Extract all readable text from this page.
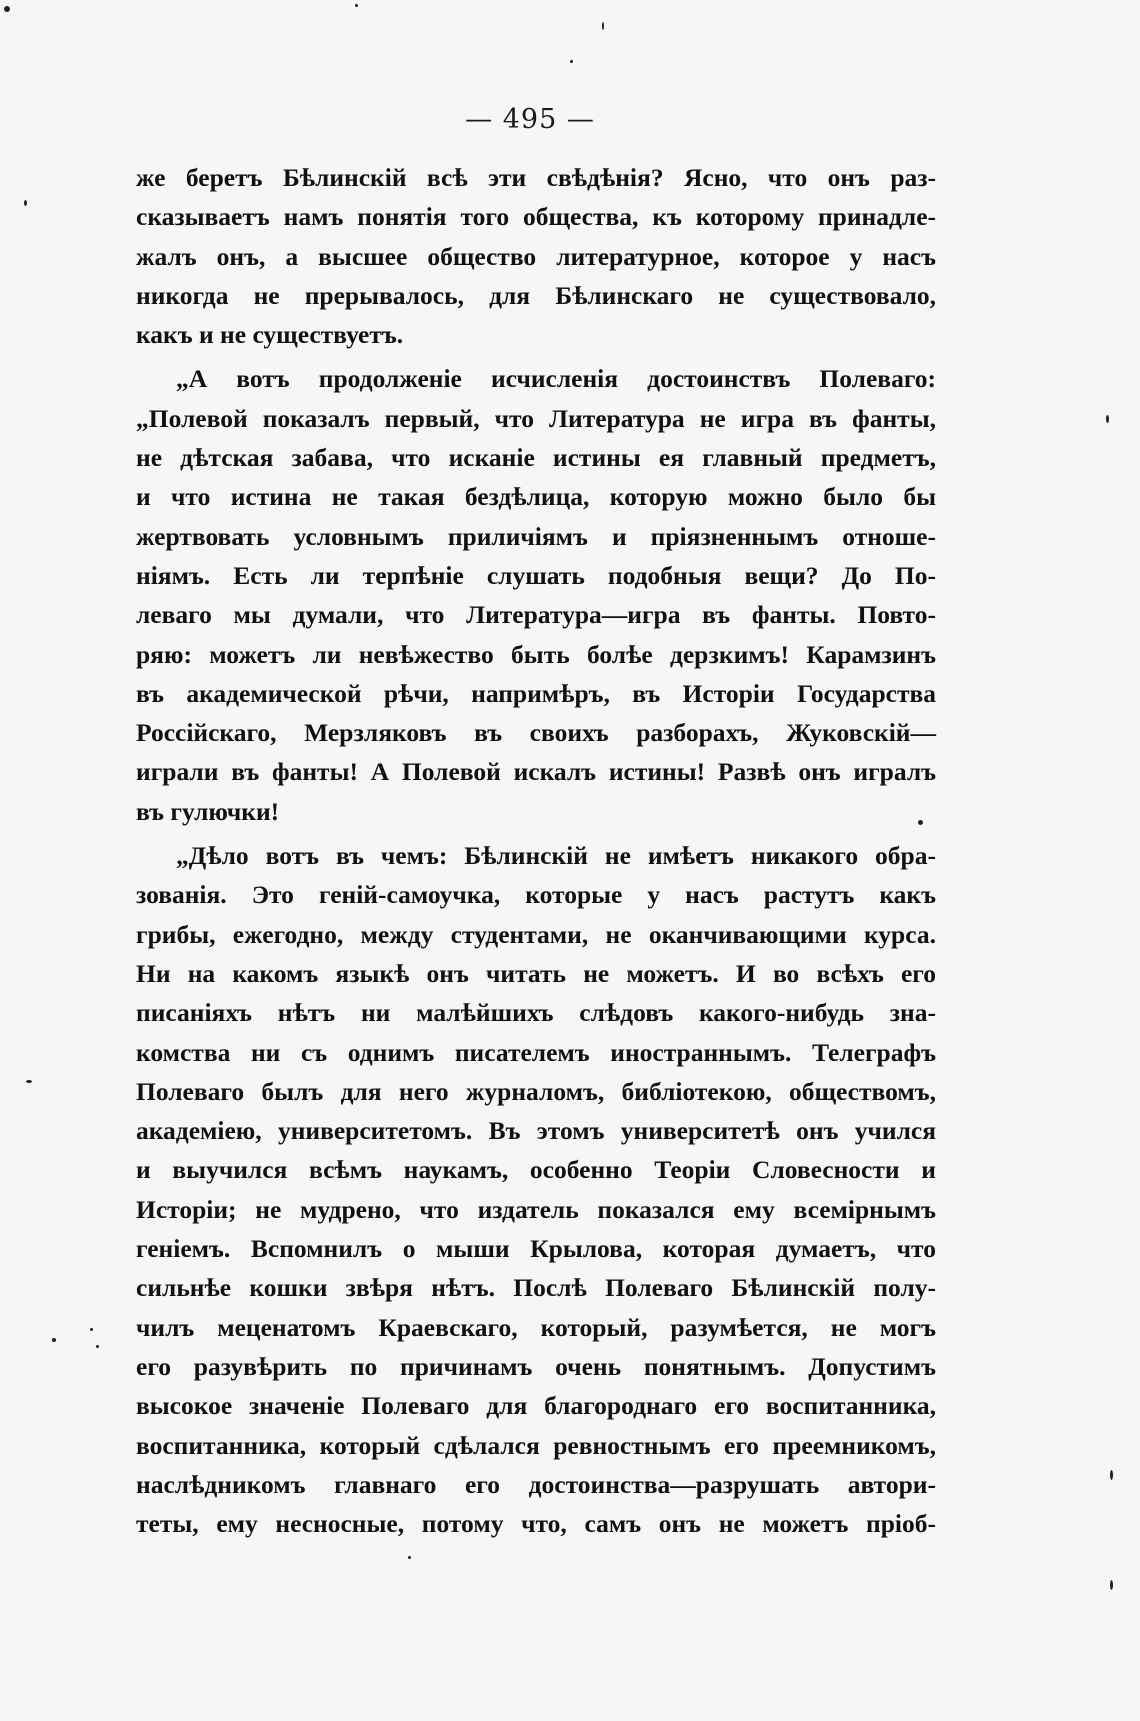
— 495 —
же беретъ Бѣлинскій всѣ эти свѣдѣнія? Ясно, что онъ раз-
сказываетъ намъ понятія того общества, къ которому принадле-
жалъ онъ, а высшее общество литературное, которое у насъ
никогда не прерывалось, для Бѣлинскаго не существовало,
какъ и не существуетъ.
„А вотъ продолженіе исчисленія достоинствъ Полеваго:
„Полевой показалъ первый, что Литература не игра въ фанты,
не дѣтская забава, что исканіе истины ея главный предметъ,
и что истина не такая бездѣлица, которую можно было бы
жертвовать условнымъ приличіямъ и пріязненнымъ отноше-
ніямъ. Есть ли терпѣніе слушать подобныя вещи? До По-
леваго мы думали, что Литература—игра въ фанты. Повто-
ряю: можетъ ли невѣжество быть болѣе дерзкимъ! Карамзинъ
въ академической рѣчи, напримѣръ, въ Исторіи Государства
Россійскаго, Мерзляковъ въ своихъ разборахъ, Жуковскій—
играли въ фанты! А Полевой искалъ истины! Развѣ онъ игралъ
въ гулючки!
„Дѣло вотъ въ чемъ: Бѣлинскій не имѣетъ никакого обра-
зованія. Это геній-самоучка, которые у насъ растутъ какъ
грибы, ежегодно, между студентами, не оканчивающими курса.
Ни на какомъ языкѣ онъ читать не можетъ. И во всѣхъ его
писаніяхъ нѣтъ ни малѣйшихъ слѣдовъ какого-нибудь зна-
комства ни съ однимъ писателемъ иностраннымъ. Телеграфъ
Полеваго былъ для него журналомъ, библіотекою, обществомъ,
академіею, университетомъ. Въ этомъ университетѣ онъ учился
и выучился всѣмъ наукамъ, особенно Теоріи Словесности и
Исторіи; не мудрено, что издатель показался ему всемірнымъ
геніемъ. Вспомнилъ о мыши Крылова, которая думаетъ, что
сильнѣе кошки звѣря нѣтъ. Послѣ Полеваго Бѣлинскій полу-
чилъ меценатомъ Краевскаго, который, разумѣется, не могъ
его разувѣрить по причинамъ очень понятнымъ. Допустимъ
высокое значеніе Полеваго для благороднаго его воспитанника,
воспитанника, который сдѣлался ревностнымъ его преемникомъ,
наслѣдникомъ главнаго его достоинства—разрушать автори-
теты, ему несносные, потому что, самъ онъ не можетъ пріоб-
